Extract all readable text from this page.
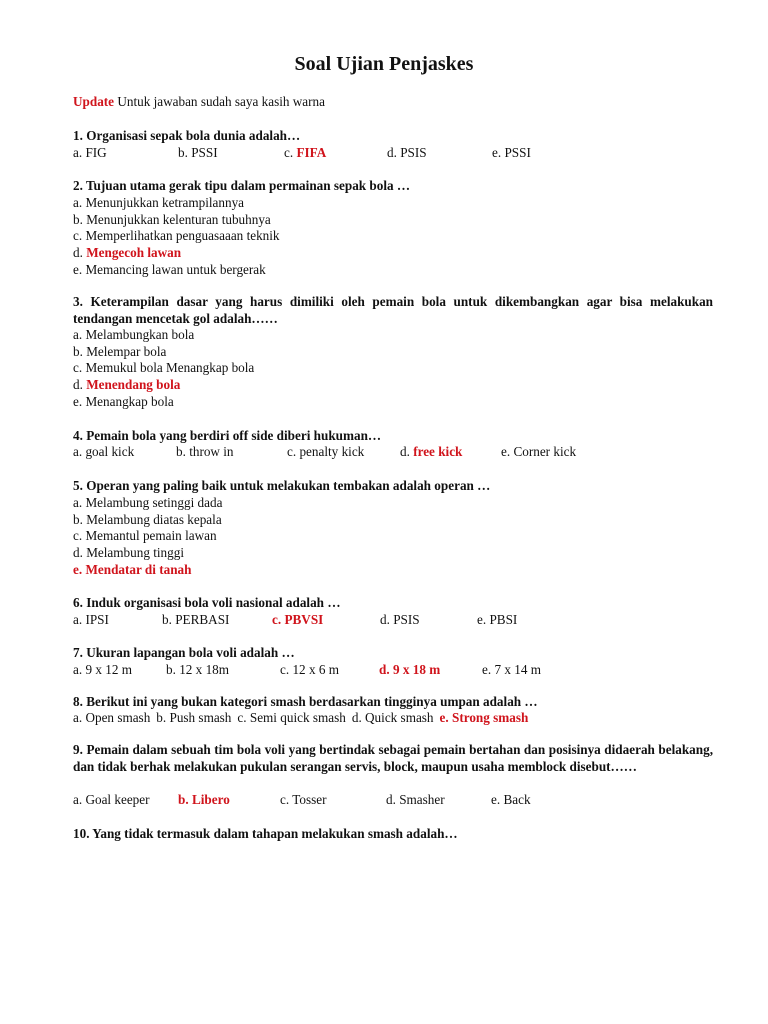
Soal Ujian Penjaskes
Update Untuk jawaban sudah saya kasih warna
1. Organisasi sepak bola dunia adalah…
a. FIG	b. PSSI	c. FIFA	d. PSIS	e. PSSI
2. Tujuan utama gerak tipu dalam permainan sepak bola …
a. Menunjukkan ketrampilannya
b. Menunjukkan kelenturan tubuhnya
c. Memperlihatkan penguasaaan teknik
d. Mengecoh lawan
e. Memancing lawan untuk bergerak
3. Keterampilan dasar yang harus dimiliki oleh pemain bola untuk dikembangkan agar bisa melakukan tendangan mencetak gol adalah……
a. Melambungkan bola
b. Melempar bola
c. Memukul bola Menangkap bola
d. Menendang bola
e. Menangkap bola
4. Pemain bola yang berdiri off side diberi hukuman…
a. goal kick	b. throw in	c. penalty kick	d. free kick	e. Corner kick
5. Operan yang paling baik untuk melakukan tembakan adalah operan …
a. Melambung setinggi dada
b. Melambung diatas kepala
c. Memantul pemain lawan
d. Melambung tinggi
e. Mendatar di tanah
6. Induk organisasi bola voli nasional adalah …
a. IPSI	b. PERBASI	c. PBVSI	d. PSIS	e. PBSI
7. Ukuran lapangan bola voli adalah …
a. 9 x 12 m	b. 12 x 18m	c. 12 x 6 m	d. 9 x 18 m	e. 7 x 14 m
8. Berikut ini yang bukan kategori smash berdasarkan tingginya umpan adalah …
a. Open smash b. Push smash c. Semi quick smash d. Quick smash e. Strong smash
9. Pemain dalam sebuah tim bola voli yang bertindak sebagai pemain bertahan dan posisinya didaerah belakang, dan tidak berhak melakukan pukulan serangan servis, block, maupun usaha memblock disebut……
a. Goal keeper b. Libero	c. Tosser	d. Smasher	e. Back
10. Yang tidak termasuk dalam tahapan melakukan smash adalah…
